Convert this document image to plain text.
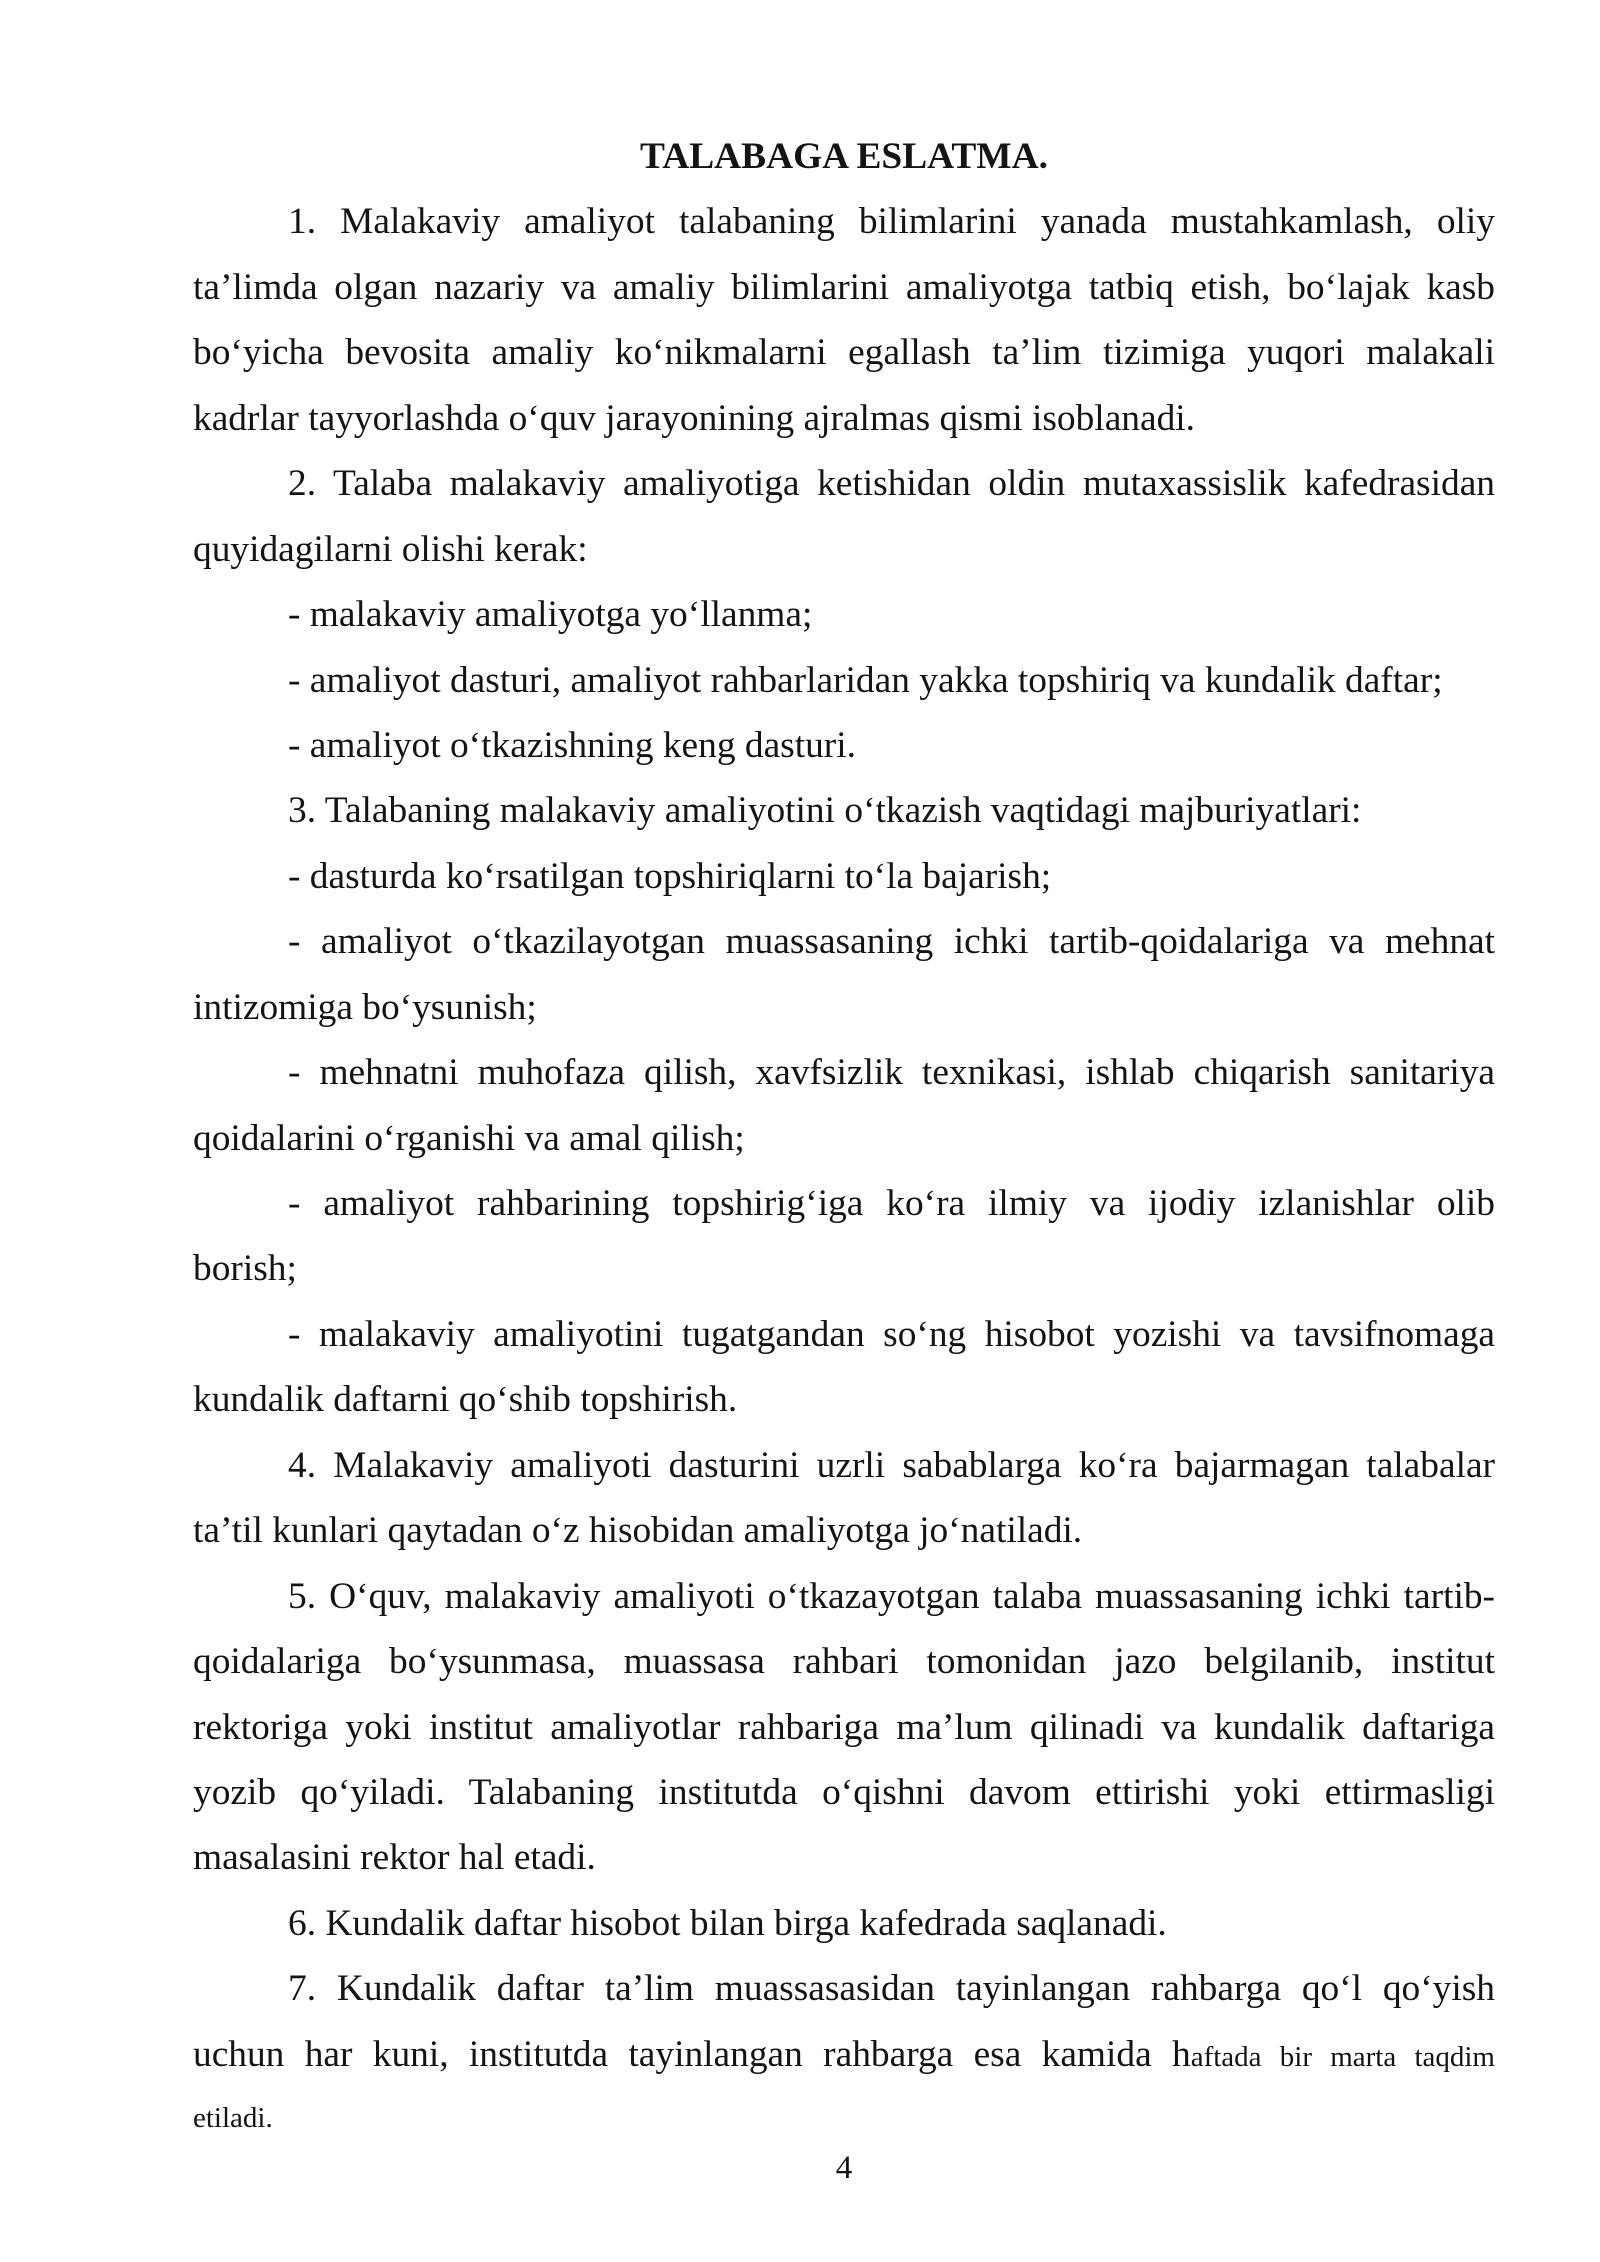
TALABAGA ESLATMA.
1. Malakaviy amaliyot talabaning bilimlarini yanada mustahkamlash, oliy
ta’limda olgan nazariy va amaliy bilimlarini amaliyotga tatbiq etish, bo‘lajak kasb
bo‘yicha bevosita amaliy ko‘nikmalarni egallash ta’lim tizimiga yuqori malakali
kadrlar tayyorlashda o‘quv jarayonining ajralmas qismi isoblanadi.
2. Talaba malakaviy amaliyotiga ketishidan oldin mutaxassislik kafedrasidan
quyidagilarni olishi kerak:
- malakaviy amaliyotga yo‘llanma;
- amaliyot dasturi, amaliyot rahbarlaridan yakka topshiriq va kundalik daftar;
- amaliyot o‘tkazishning keng dasturi.
3. Talabaning malakaviy amaliyotini o‘tkazish vaqtidagi majburiyatlari:
- dasturda ko‘rsatilgan topshiriqlarni to‘la bajarish;
- amaliyot o‘tkazilayotgan muassasaning ichki tartib-qoidalariga va mehnat
intizomiga bo‘ysunish;
- mehnatni muhofaza qilish, xavfsizlik texnikasi, ishlab chiqarish sanitariya
qoidalarini o‘rganishi va amal qilish;
- amaliyot rahbarining topshirig‘iga ko‘ra ilmiy va ijodiy izlanishlar olib
borish;
- malakaviy amaliyotini tugatgandan so‘ng hisobot yozishi va tavsifnomaga
kundalik daftarni qo‘shib topshirish.
4. Malakaviy amaliyoti dasturini uzrli sabablarga ko‘ra bajarmagan talabalar
ta’til kunlari qaytadan o‘z hisobidan amaliyotga jo‘natiladi.
5. O‘quv, malakaviy amaliyoti o‘tkazayotgan talaba muassasaning ichki tartib-
qoidalariga bo‘ysunmasa, muassasa rahbari tomonidan jazo belgilanib, institut
rektoriga yoki institut amaliyotlar rahbariga ma’lum qilinadi va kundalik daftariga
yozib qo‘yiladi. Talabaning institutda o‘qishni davom ettirishi yoki ettirmasligi
masalasini rektor hal etadi.
6. Kundalik daftar hisobot bilan birga kafedrada saqlanadi.
7. Kundalik daftar ta’lim muassasasidan tayinlangan rahbarga qo‘l qo‘yish
uchun har kuni, institutda tayinlangan rahbarga esa kamida haftada bir marta taqdim
etiladi.
4
